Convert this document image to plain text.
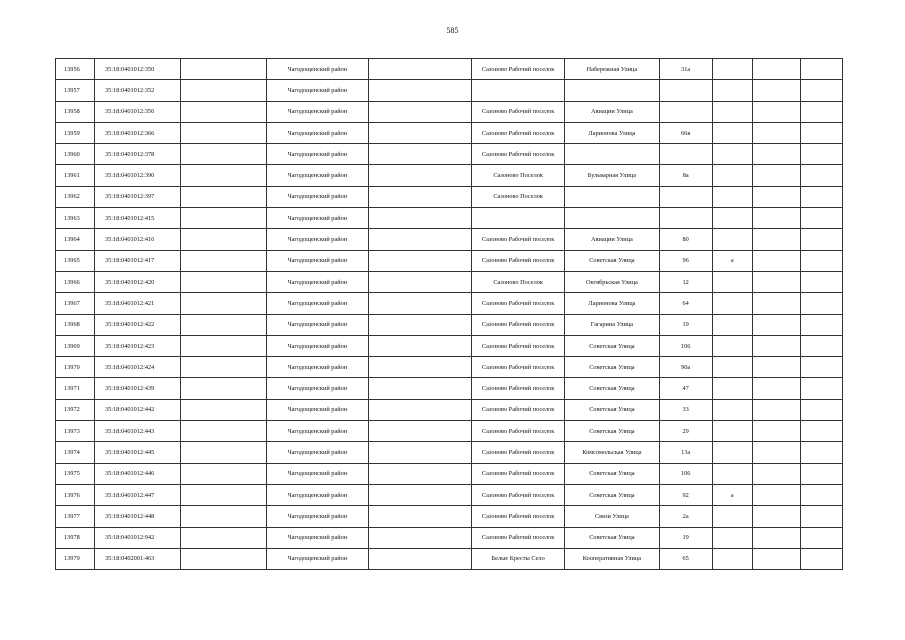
585
13956	35:18:0401012:350		Чагодощенский район		Сазоново Рабочий поселок	Набережная Улица	31а			
13957	35:18:0401012:352		Чагодощенский район							
13958	35:18:0401012:356		Чагодощенский район		Сазоново Рабочий поселок	Авиации Улица				
13959	35:18:0401012:366		Чагодощенский район		Сазоново Рабочий поселок	Ларионова Улица	66в			
13960	35:18:0401012:378		Чагодощенский район		Сазоново Рабочий поселок					
13961	35:18:0401012:390		Чагодощенский район		Сазоново Поселок	Бульварная Улица	8а			
13962	35:18:0401012:397		Чагодощенский район		Сазоново Поселок					
13963	35:18:0401012:415		Чагодощенский район							
13964	35:18:0401012:416		Чагодощенский район		Сазоново Рабочий поселок	Авиации Улица	80			
13965	35:18:0401012:417		Чагодощенский район		Сазоново Рабочий поселок	Советская Улица	96	а		
13966	35:18:0401012:420		Чагодощенский район		Сазоново Поселок	Октябрьская Улица	12			
13967	35:18:0401012:421		Чагодощенский район		Сазоново Рабочий поселок	Ларионова Улица	64			
13968	35:18:0401012:422		Чагодощенский район		Сазоново Рабочий поселок	Гагарина Улица	19			
13969	35:18:0401012:423		Чагодощенский район		Сазоново Рабочий поселок	Советская Улица	106			
13970	35:18:0401012:424		Чагодощенский район		Сазоново Рабочий поселок	Советская Улица	90а			
13971	35:18:0401012:439		Чагодощенский район		Сазоново Рабочий поселок	Советская Улица	47			
13972	35:18:0401012:442		Чагодощенский район		Сазоново Рабочий поселок	Советская Улица	33			
13973	35:18:0401012:443		Чагодощенский район		Сазоново Рабочий поселок	Советская Улица	29			
13974	35:18:0401012:445		Чагодощенский район		Сазоново Рабочий поселок	Комсомольская Улица	13а			
13975	35:18:0401012:446		Чагодощенский район		Сазоново Рабочий поселок	Советская Улица	106			
13976	35:18:0401012:447		Чагодощенский район		Сазоново Рабочий поселок	Советская Улица	92	а		
13977	35:18:0401012:448		Чагодощенский район		Сазоново Рабочий поселок	Связи Улица	2а			
13978	35:18:0401012:942		Чагодощенский район		Сазоново Рабочий поселок	Советская Улица	19			
13979	35:18:0402001:463		Чагодощенский район		Белые Кресты Село	Кооперативная Улица	65			
